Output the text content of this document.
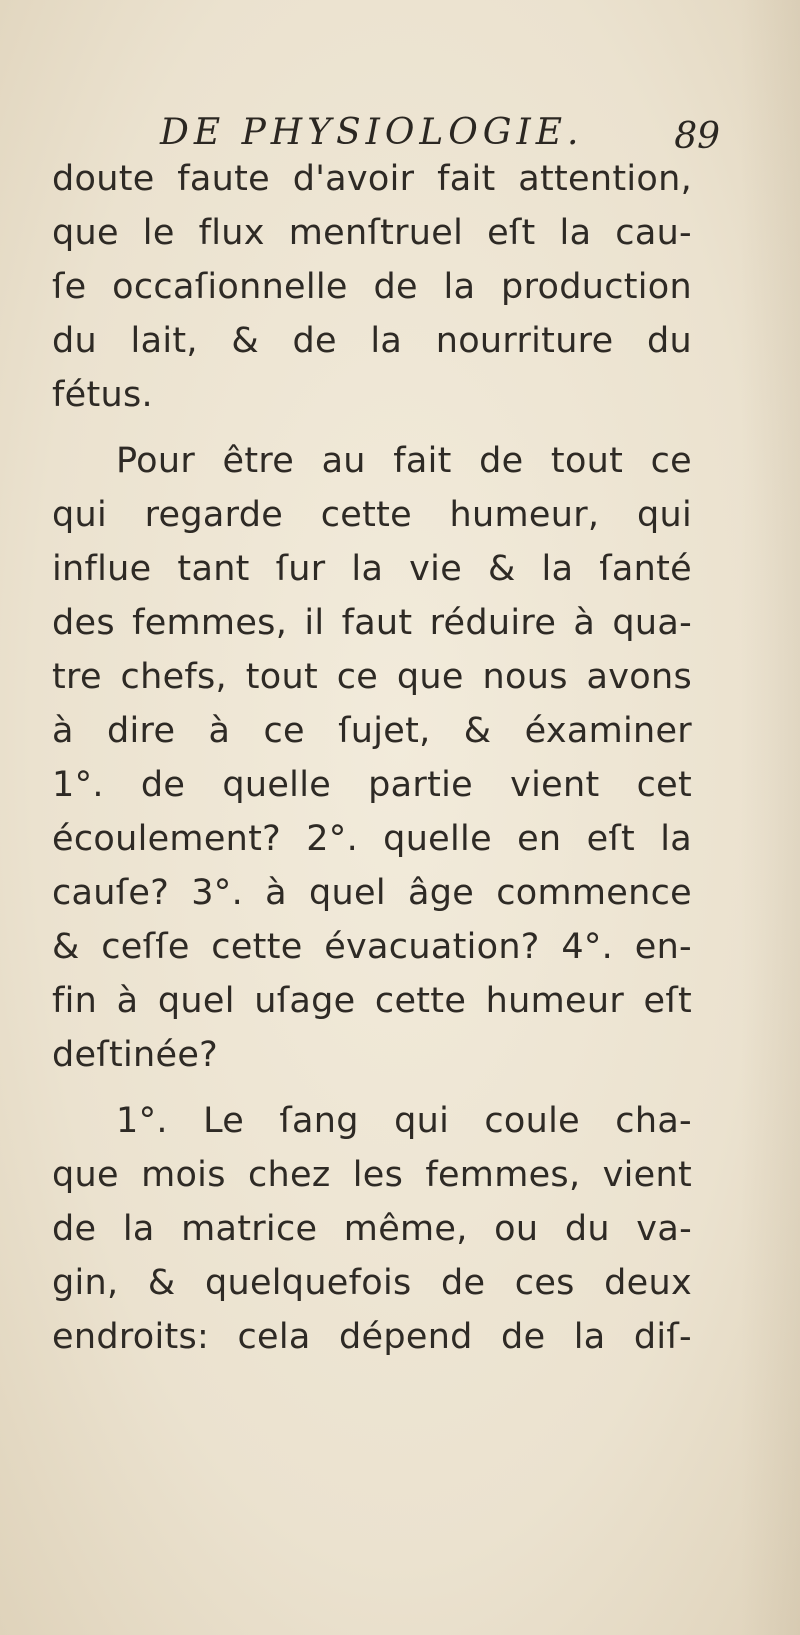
DE PHYSIOLOGIE.	89
doute faute d'avoir fait attention,
que le flux menſtruel eſt la cau-
ſe occaſionnelle de la production
du lait, & de la nourriture du
fétus.
Pour être au fait de tout ce
qui regarde cette humeur, qui
influe tant ſur la vie & la ſanté
des femmes, il faut réduire à qua-
tre chefs, tout ce que nous avons
à dire à ce ſujet, & éxaminer
1°. de quelle partie vient cet
écoulement? 2°. quelle en eſt la
cauſe? 3°. à quel âge commence
& ceſſe cette évacuation? 4°. en-
fin à quel uſage cette humeur eſt
deſtinée?
1°. Le ſang qui coule cha-
que mois chez les femmes, vient
de la matrice même, ou du va-
gin, & quelquefois de ces deux
endroits: cela dépend de la diſ-
